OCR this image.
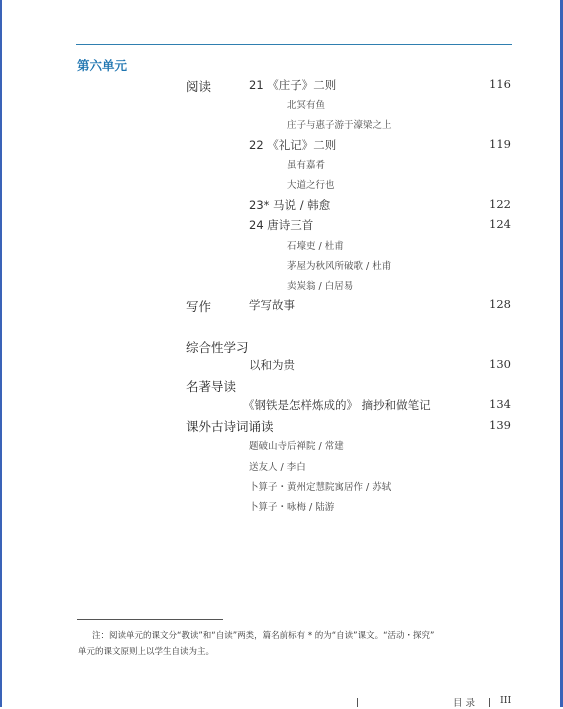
第六单元
阅读	21 《庄子》二则	116
北冥有鱼
庄子与惠子游于濠梁之上
22 《礼记》二则	119
虽有嘉肴
大道之行也
23* 马说 / 韩愈	122
24 唐诗三首	124
石壕吏 / 杜甫
茅屋为秋风所破歌 / 杜甫
卖炭翁 / 白居易
写作	学写故事	128
综合性学习
以和为贵	130
名著导读
《钢铁是怎样炼成的》 摘抄和做笔记	134
课外古诗词诵读	139
题破山寺后禅院 / 常建
送友人 / 李白
卜算子・黄州定慧院寓居作 / 苏轼
卜算子・咏梅 / 陆游
注：阅读单元的课文分“教读”和“自读”两类，篇名前标有 * 的为“自读”课文。“活动・探究”
单元的课文原则上以学生自读为主。
目 录	III
